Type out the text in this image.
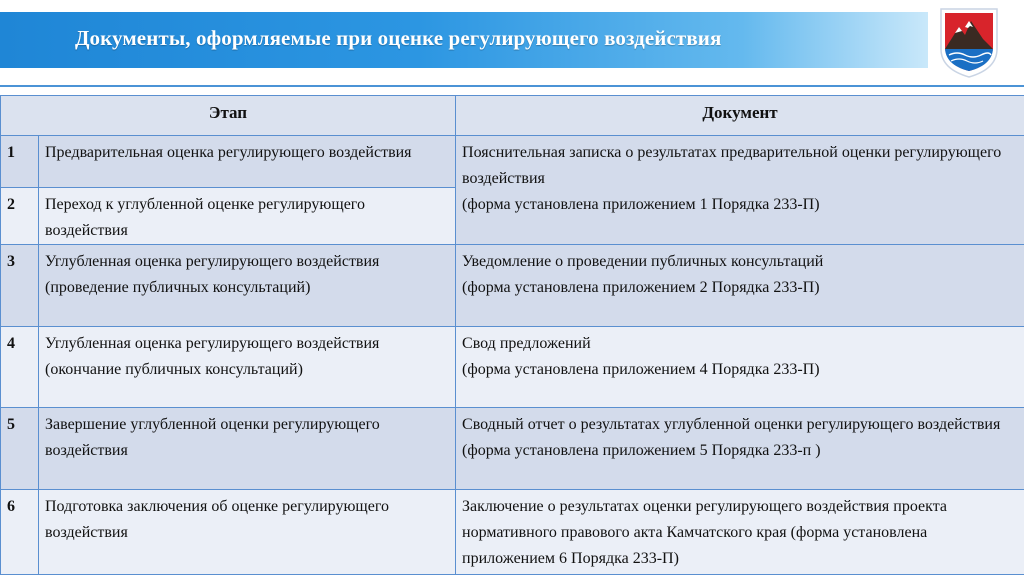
Документы, оформляемые при оценке регулирующего воздействия
Этап		Документ
1	Предварительная оценка регулирующего воздействия	Пояснительная записка о результатах предварительной оценки регулирующего воздействия
(форма установлена приложением 1 Порядка 233-П)

2	Переход к углубленной оценке регулирующего воздействия	
3	Углубленная оценка регулирующего воздействия (проведение публичных консультаций)	Уведомление о проведении публичных консультаций
(форма установлена приложением 2 Порядка 233-П)

4	Углубленная оценка регулирующего воздействия (окончание публичных консультаций)	Свод предложений
(форма установлена приложением 4 Порядка 233-П)

5	Завершение углубленной оценки регулирующего воздействия	Сводный отчет о результатах углубленной оценки регулирующего воздействия
(форма установлена приложением 5 Порядка 233-п )

6	Подготовка заключения об оценке регулирующего воздействия	Заключение о результатах оценки регулирующего воздействия проекта нормативного правового акта Камчатского края (форма установлена приложением 6 Порядка 233-П)
